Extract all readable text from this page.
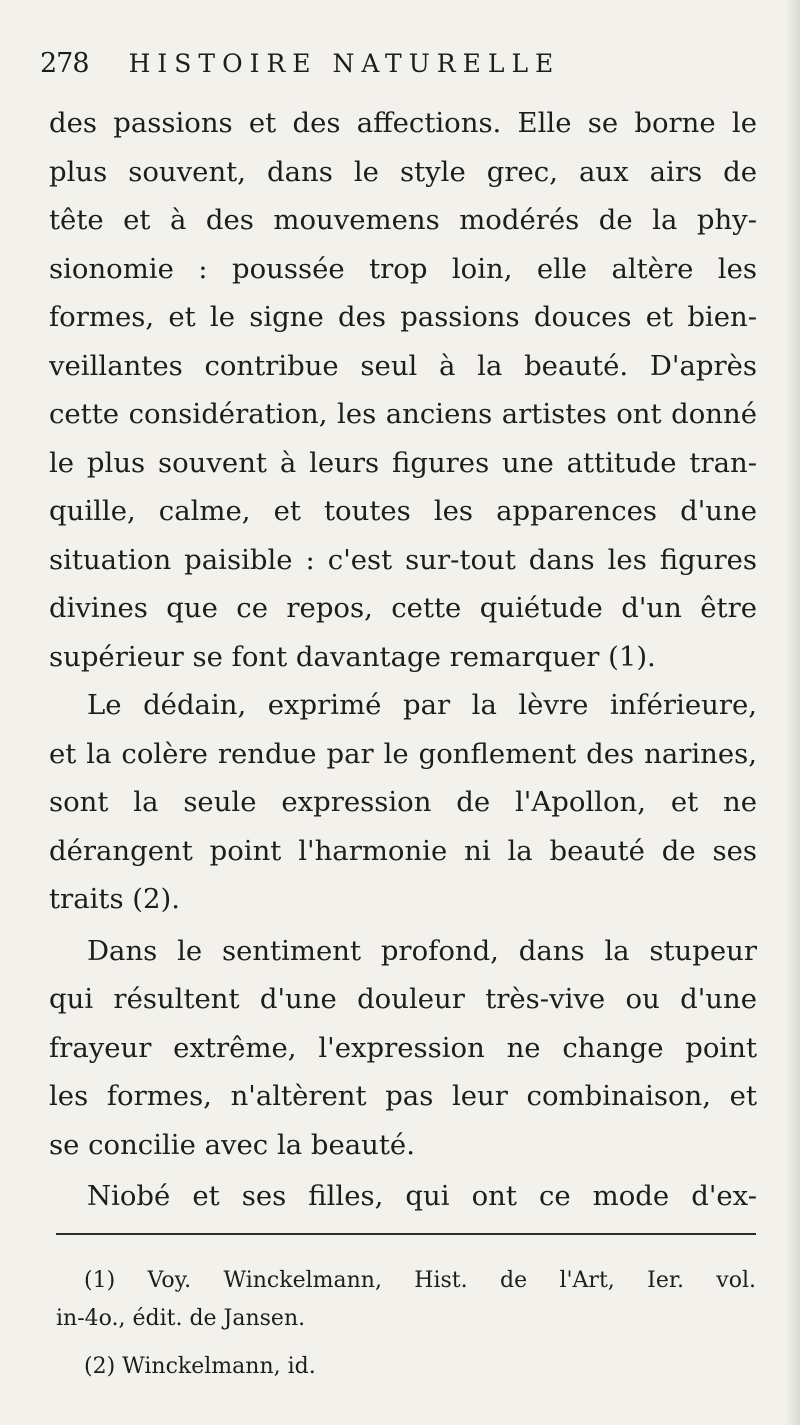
278 HISTOIRE NATURELLE
des passions et des affections. Elle se borne le
plus souvent, dans le style grec, aux airs de
tête et à des mouvemens modérés de la phy-
sionomie : poussée trop loin, elle altère les
formes, et le signe des passions douces et bien-
veillantes contribue seul à la beauté. D'après
cette considération, les anciens artistes ont donné
le plus souvent à leurs figures une attitude tran-
quille, calme, et toutes les apparences d'une
situation paisible : c'est sur-tout dans les figures
divines que ce repos, cette quiétude d'un être
supérieur se font davantage remarquer (1).
Le dédain, exprimé par la lèvre inférieure,
et la colère rendue par le gonflement des narines,
sont la seule expression de l'Apollon, et ne
dérangent point l'harmonie ni la beauté de ses
traits (2).
Dans le sentiment profond, dans la stupeur
qui résultent d'une douleur très-vive ou d'une
frayeur extrême, l'expression ne change point
les formes, n'altèrent pas leur combinaison, et
se concilie avec la beauté.
Niobé et ses filles, qui ont ce mode d'ex-
(1) Voy. Winckelmann, Hist. de l'Art, Ier. vol.
in-4o., édit. de Jansen.
(2) Winckelmann, id.
